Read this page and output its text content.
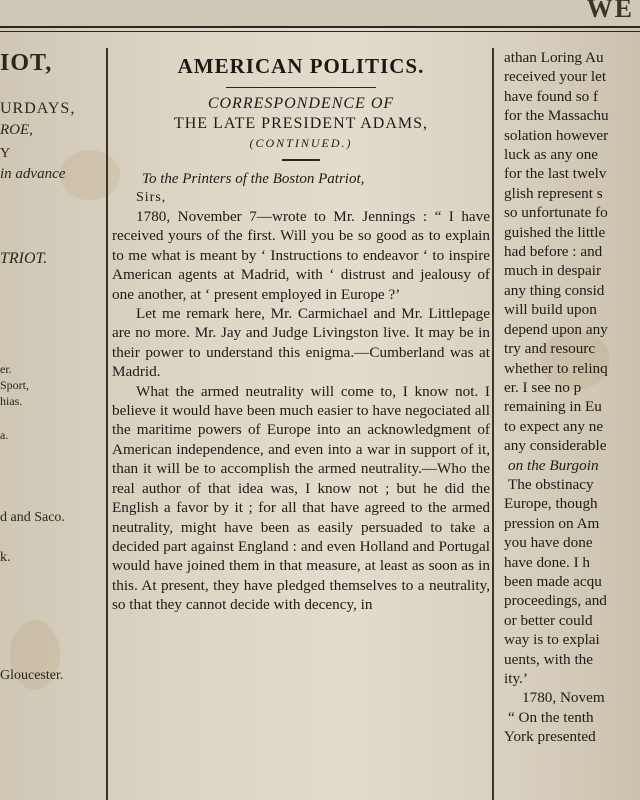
WE
IOT,
URDAYS,
ROE,
Y
in advance
TRIOT.
er.
Sport,
hias.
a.
d and Saco.
k.
Gloucester.
AMERICAN POLITICS.
CORRESPONDENCE OF
THE LATE PRESIDENT ADAMS,
(CONTINUED.)
To the Printers of the Boston Patriot,
Sirs,

1780, November 7—wrote to Mr. Jennings : “ I have received yours of the first. Will you be so good as to explain to me what is meant by ‘ Instructions to endeavor ‘ to inspire American agents at Madrid, with ‘ distrust and jealousy of one another, at ‘ present employed in Europe ?’

Let me remark here, Mr. Carmichael and Mr. Littlepage are no more. Mr. Jay and Judge Livingston live. It may be in their power to understand this enigma.—Cumberland was at Madrid.

What the armed neutrality will come to, I know not. I believe it would have been much easier to have negociated all the maritime powers of Europe into an acknowledgment of American independence, and even into a war in support of it, than it will be to accomplish the armed neutrality.—Who the real author of that idea was, I know not ; but he did the English a favor by it ; for all that have agreed to the armed neutrality, might have been as easily persuaded to take a decided part against England : and even Holland and Portugal would have joined them in that measure, at least as soon as in this. At present, they have pledged themselves to a neutrality, so that they cannot decide with decency, in

athan Loring Au
received your let
have found so f
for the Massachu
solation however
luck as any one
for the last twelv
glish represent s
so unfortunate fo
guished the little
had before : and
much in despair
any thing consid
will build upon
depend upon any
try and resourc
whether to relinq
er. I see no p
remaining in Eu
to expect any ne
any considerable
on the Burgoin
The obstinacy
Europe, though
pression on Am
you have done
have done. I h
been made acqu
proceedings, and
or better could
way is to explai
uents, with the
ity.’
1780, Novem
“ On the tenth
York presented
